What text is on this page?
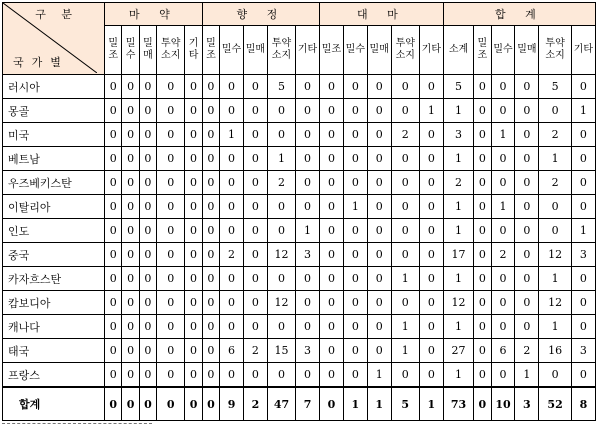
구 분
국가별	마 약					향 정					대 마					합 계					
	밀조	밀수	밀매	투약소지	기타	밀조	밀수	밀매	투약소지	기타	밀조	밀수	밀매	투약소지	기타	소계	밀조	밀수	밀매	투약소지	기타
러시아	0	0	0	0	0	0	0	0	5	0	0	0	0	0	0	5	0	0	0	5	0
몽골	0	0	0	0	0	0	0	0	0	0	0	0	0	0	1	1	0	0	0	0	1
미국	0	0	0	0	0	0	1	0	0	0	0	0	0	2	0	3	0	1	0	2	0
베트남	0	0	0	0	0	0	0	0	1	0	0	0	0	0	0	1	0	0	0	1	0
우즈베키스탄	0	0	0	0	0	0	0	0	2	0	0	0	0	0	0	2	0	0	0	2	0
이탈리아	0	0	0	0	0	0	0	0	0	0	0	1	0	0	0	1	0	1	0	0	0
인도	0	0	0	0	0	0	0	0	0	1	0	0	0	0	0	1	0	0	0	0	1
중국	0	0	0	0	0	0	2	0	12	3	0	0	0	0	0	17	0	2	0	12	3
카자흐스탄	0	0	0	0	0	0	0	0	0	0	0	0	0	1	0	1	0	0	0	1	0
캄보디아	0	0	0	0	0	0	0	0	12	0	0	0	0	0	0	12	0	0	0	12	0
캐나다	0	0	0	0	0	0	0	0	0	0	0	0	0	1	0	1	0	0	0	1	0
태국	0	0	0	0	0	0	6	2	15	3	0	0	0	1	0	27	0	6	2	16	3
프랑스	0	0	0	0	0	0	0	0	0	0	0	0	1	0	0	1	0	0	1	0	0
합계	0	0	0	0	0	0	9	2	47	7	0	1	1	5	1	73	0	10	3	52	8
